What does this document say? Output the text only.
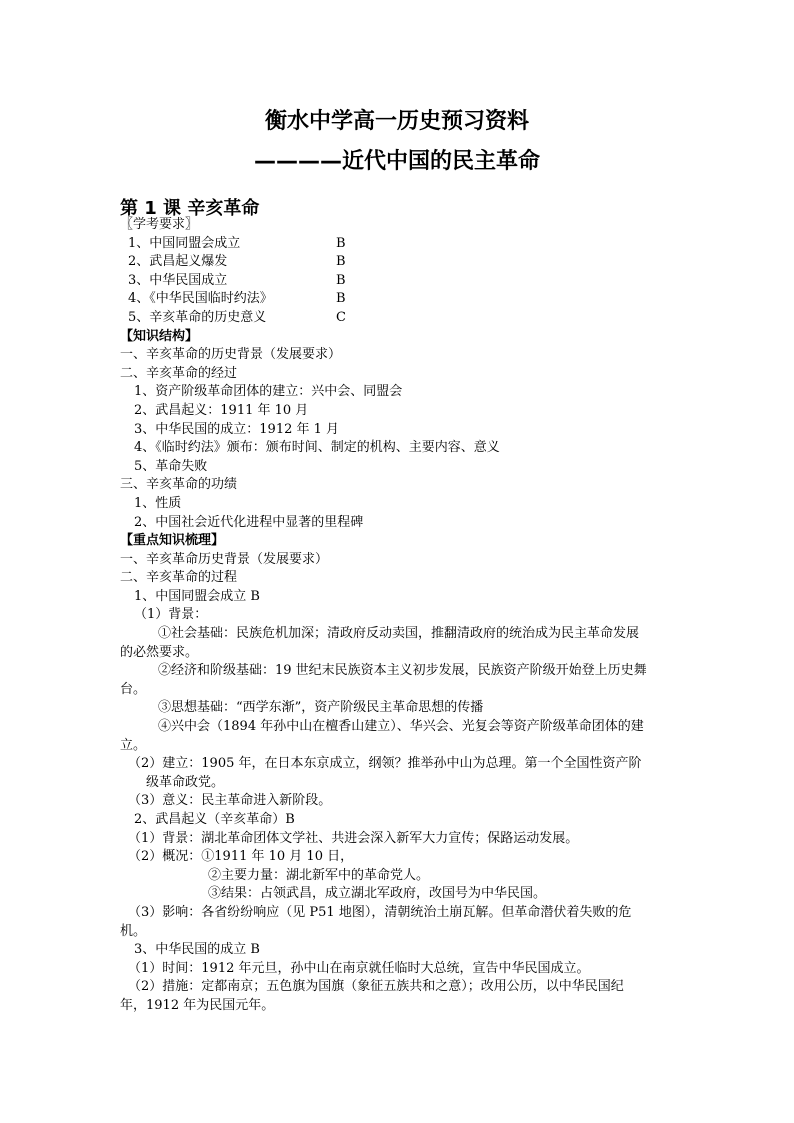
衡水中学高一历史预习资料
————近代中国的民主革命
第 1 课 辛亥革命
〖学考要求〗
1、中国同盟会成立	B
2、武昌起义爆发	B
3、中华民国成立	B
4、《中华民国临时约法》	B
5、辛亥革命的历史意义	C
【知识结构】
一、辛亥革命的历史背景（发展要求）
二、辛亥革命的经过
1、资产阶级革命团体的建立：兴中会、同盟会
2、武昌起义：1911 年 10 月
3、中华民国的成立：1912 年 1 月
4、《临时约法》颁布：颁布时间、制定的机构、主要内容、意义
5、革命失败
三、辛亥革命的功绩
1、性质
2、中国社会近代化进程中显著的里程碑
【重点知识梳理】
一、辛亥革命历史背景（发展要求）
二、辛亥革命的过程
1、中国同盟会成立 B
（1）背景：
①社会基础：民族危机加深；清政府反动卖国，推翻清政府的统治成为民主革命发展
的必然要求。
②经济和阶级基础：19 世纪末民族资本主义初步发展，民族资产阶级开始登上历史舞
台。
③思想基础：“西学东渐”，资产阶级民主革命思想的传播
④兴中会（1894 年孙中山在檀香山建立）、华兴会、光复会等资产阶级革命团体的建
立。
（2）建立：1905 年，在日本东京成立，纲领？推举孙中山为总理。第一个全国性资产阶
级革命政党。
（3）意义：民主革命进入新阶段。
2、武昌起义（辛亥革命）B
（1）背景：湖北革命团体文学社、共进会深入新军大力宣传；保路运动发展。
（2）概况：①1911 年 10 月 10 日，
②主要力量：湖北新军中的革命党人。
③结果：占领武昌，成立湖北军政府，改国号为中华民国。
（3）影响：各省纷纷响应（见 P51 地图），清朝统治土崩瓦解。但革命潜伏着失败的危
机。
3、中华民国的成立 B
（1）时间：1912 年元旦，孙中山在南京就任临时大总统，宣告中华民国成立。
（2）措施：定都南京；五色旗为国旗（象征五族共和之意）；改用公历，以中华民国纪
年，1912 年为民国元年。
